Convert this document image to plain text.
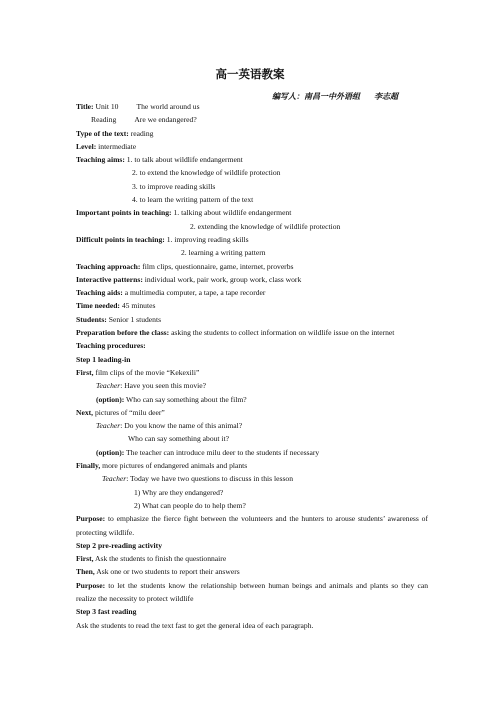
高一英语教案
编写人：南昌一中外语组 李志超
Title: Unit 10 The world around us
Reading Are we endangered?
Type of the text: reading
Level: intermediate
Teaching aims: 1. to talk about wildlife endangerment
2. to extend the knowledge of wildlife protection
3. to improve reading skills
4. to learn the writing pattern of the text
Important points in teaching: 1. talking about wildlife endangerment
2. extending the knowledge of wildlife protection
Difficult points in teaching: 1. improving reading skills
2. learning a writing pattern
Teaching approach: film clips, questionnaire, game, internet, proverbs
Interactive patterns: individual work, pair work, group work, class work
Teaching aids: a multimedia computer, a tape, a tape recorder
Time needed: 45 minutes
Students: Senior 1 students
Preparation before the class: asking the students to collect information on wildlife issue on the internet
Teaching procedures:
Step 1 leading-in
First, film clips of the movie “Kekexili”
Teacher: Have you seen this movie?
(option): Who can say something about the film?
Next, pictures of “milu deer”
Teacher: Do you know the name of this animal?
Who can say something about it?
(option): The teacher can introduce milu deer to the students if necessary
Finally, more pictures of endangered animals and plants
Teacher: Today we have two questions to discuss in this lesson
1) Why are they endangered?
2) What can people do to help them?
Purpose: to emphasize the fierce fight between the volunteers and the hunters to arouse students’ awareness of protecting wildlife.
Step 2 pre-reading activity
First, Ask the students to finish the questionnaire
Then, Ask one or two students to report their answers
Purpose: to let the students know the relationship between human beings and animals and plants so they can realize the necessity to protect wildlife
Step 3 fast reading
Ask the students to read the text fast to get the general idea of each paragraph.
